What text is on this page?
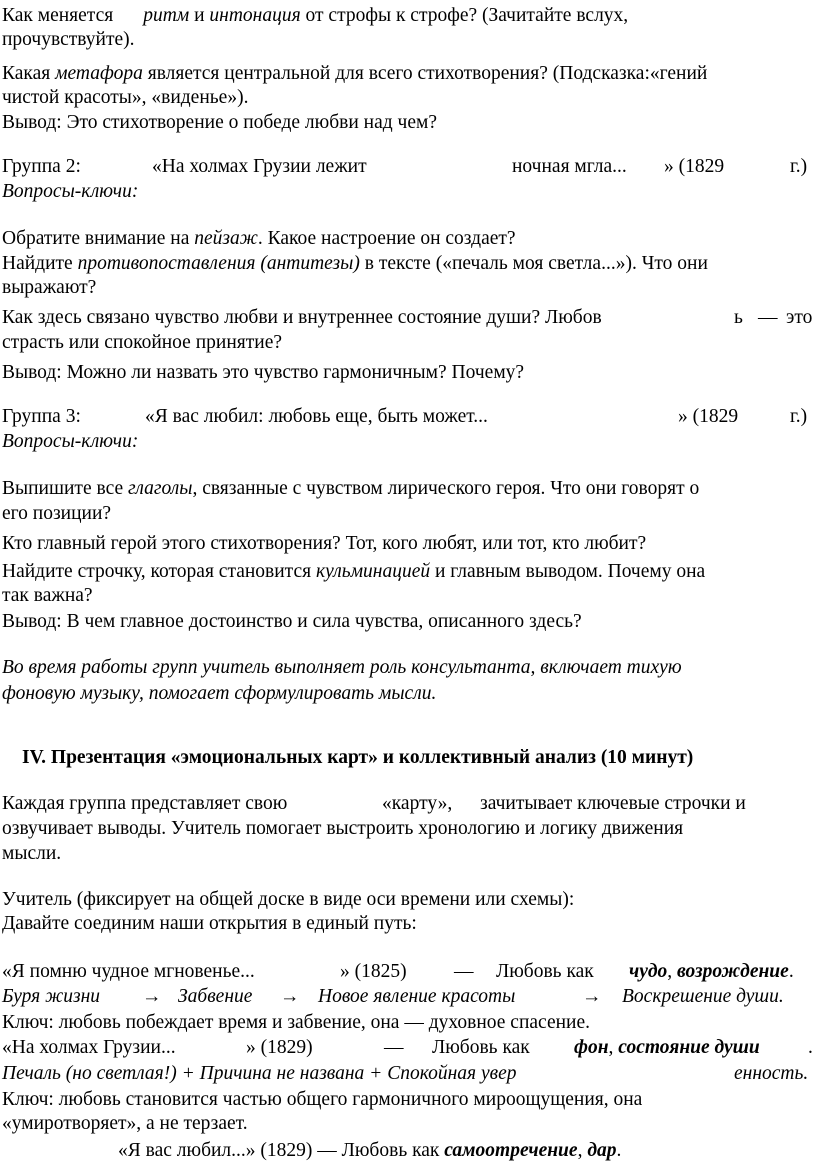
Как меняется ритм и интонация от строфы к строфе? (Зачитайте вслух,
прочувствуйте).
Какая метафора является центральной для всего стихотворения? (Подсказка:«гений
чистой красоты», «виденье»).
Вывод: Это стихотворение о победе любви над чем?
Группа 2:	«На холмах Грузии лежит	ночная мгла... » (1829	г.)
Вопросы-ключи:
Обратите внимание на пейзаж. Какое настроение он создает?
Найдите противопоставления (антитезы) в тексте («печаль моя светла...»). Что они
выражают?
Как здесь связано чувство любви и внутреннее состояние души? Любов	ь — это
страсть или спокойное принятие?
Вывод: Можно ли назвать это чувство гармоничным? Почему?
Группа 3:	«Я вас любил: любовь еще, быть может...	» (1829	г.)
Вопросы-ключи:
Выпишите все глаголы, связанные с чувством лирического героя. Что они говорят о
его позиции?
Кто главный герой этого стихотворения? Тот, кого любят, или тот, кто любит?
Найдите строчку, которая становится кульминацией и главным выводом. Почему она
так важна?
Вывод: В чем главное достоинство и сила чувства, описанного здесь?
Во время работы групп учитель выполняет роль консультанта, включает тихую
фоновую музыку, помогает сформулировать мысли.
IV. Презентация «эмоциональных карт» и коллективный анализ (10 минут)
Каждая группа представляет свою	«карту», зачитывает ключевые строчки и
озвучивает выводы. Учитель помогает выстроить хронологию и логику движения
мысли.
Учитель (фиксирует на общей доске в виде оси времени или схемы):
Давайте соединим наши открытия в единый путь:
«Я помню чудное мгновенье...	» (1825) — Любовь как чудо, возрождение.
Буря жизни → Забвение → Новое явление красоты	→ Воскрешение души.
Ключ: любовь побеждает время и забвение, она — духовное спасение.
«На холмах Грузии...	» (1829)	— Любовь как фон, состояние души .
Печаль (но светлая!) + Причина не названа + Спокойная увер	енность.
Ключ: любовь становится частью общего гармоничного мироощущения, она
«умиротворяет», а не терзает.
«Я вас любил...» (1829) — Любовь как самоотречение, дар.
